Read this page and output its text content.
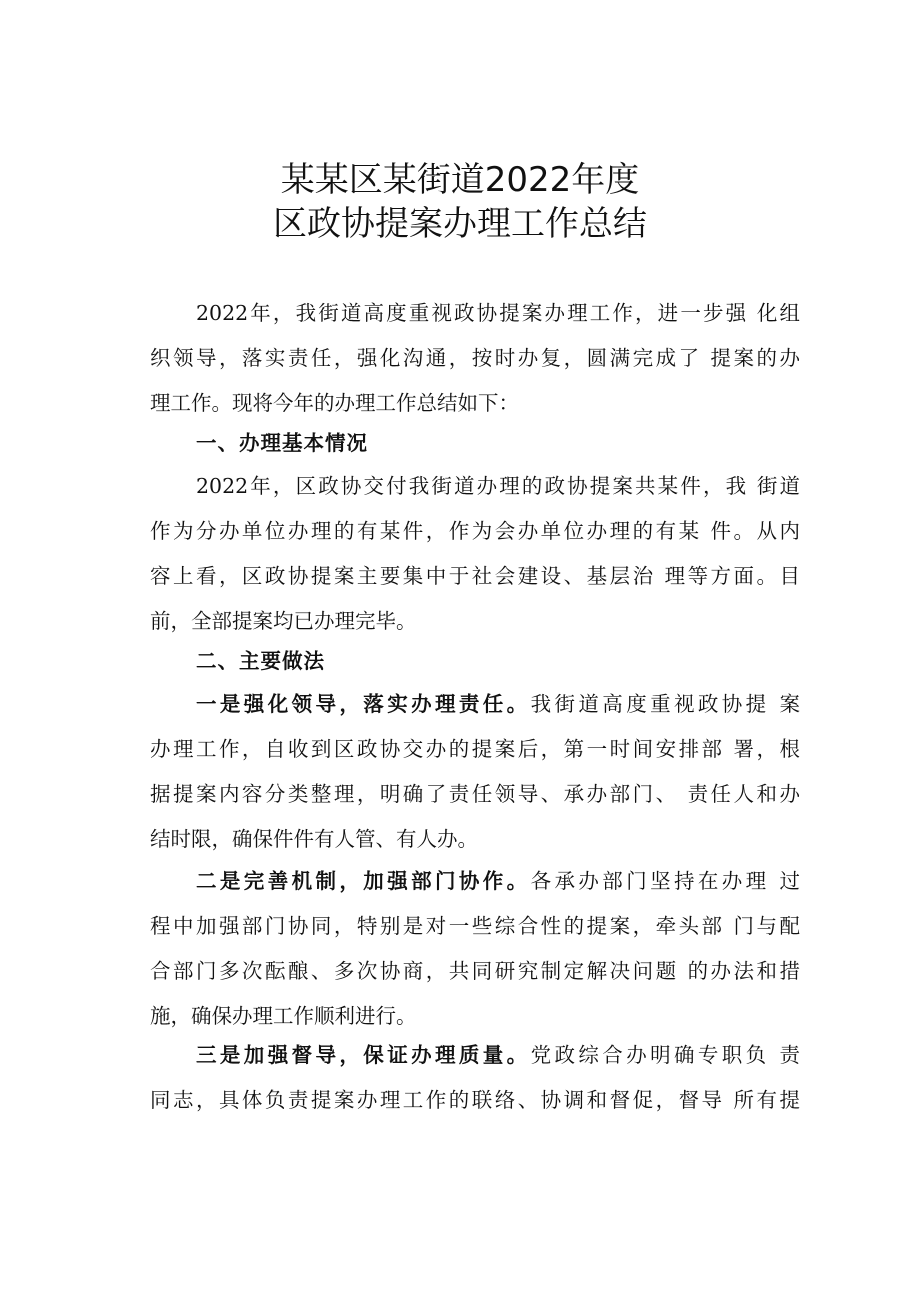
某某区某街道2022年度
区政协提案办理工作总结
2022年，我街道高度重视政协提案办理工作，进一步强 化组
织领导，落实责任，强化沟通，按时办复，圆满完成了 提案的办
理工作。现将今年的办理工作总结如下：
一、办理基本情况
2022年，区政协交付我街道办理的政协提案共某件，我 街道
作为分办单位办理的有某件，作为会办单位办理的有某 件。从内
容上看，区政协提案主要集中于社会建设、基层治 理等方面。目
前，全部提案均已办理完毕。
二、主要做法
一是强化领导，落实办理责任。我街道高度重视政协提 案
办理工作，自收到区政协交办的提案后，第一时间安排部 署，根
据提案内容分类整理，明确了责任领导、承办部门、 责任人和办
结时限，确保件件有人管、有人办。
二是完善机制，加强部门协作。各承办部门坚持在办理 过
程中加强部门协同，特别是对一些综合性的提案，牵头部 门与配
合部门多次酝酿、多次协商，共同研究制定解决问题 的办法和措
施，确保办理工作顺利进行。
三是加强督导，保证办理质量。党政综合办明确专职负 责
同志，具体负责提案办理工作的联络、协调和督促，督导 所有提
